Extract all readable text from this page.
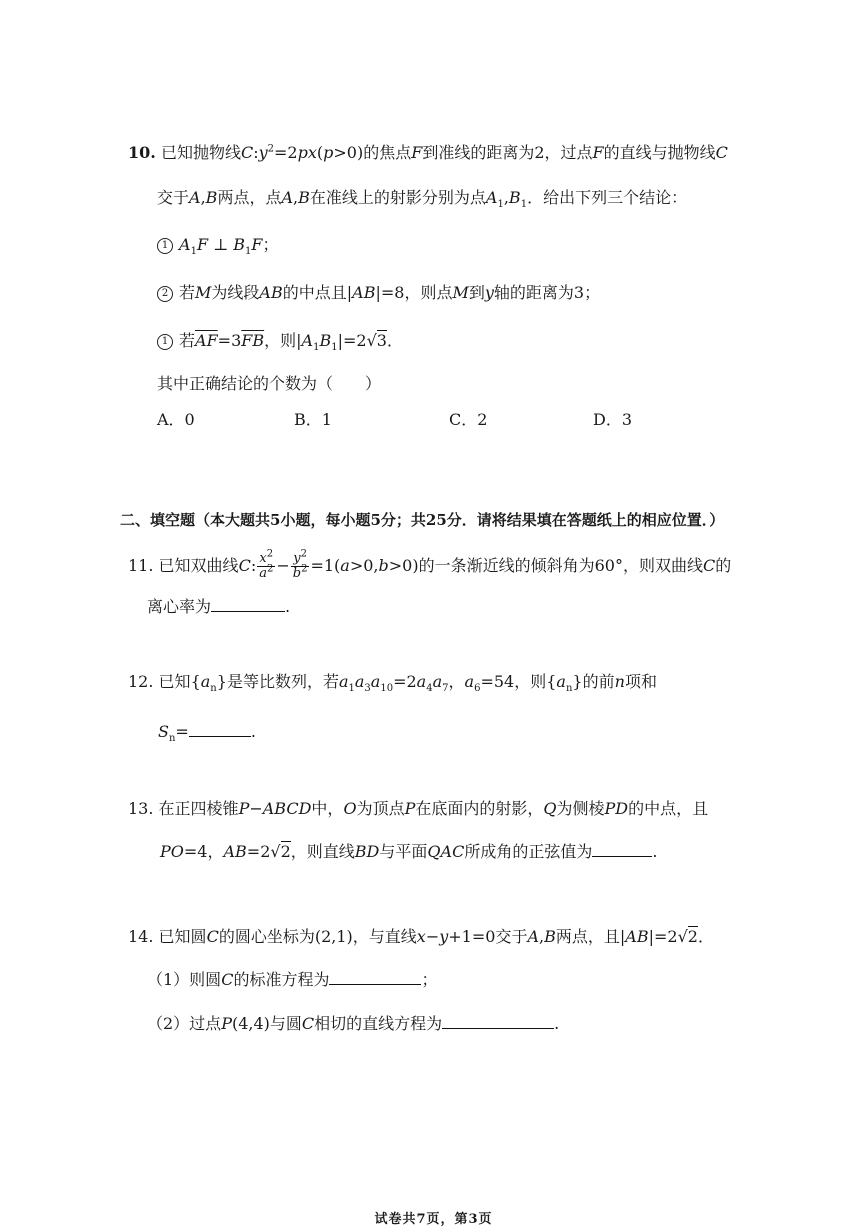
10. 已知抛物线$C:y^2=2px(p>0)$的焦点F到准线的距离为2，过点F的直线与抛物线C
交于A,B两点，点A,B在准线上的射影分别为点$A_1,B_1$．给出下列三个结论：
1 $A_1F$ ⊥ $B_1F$；
2 若M为线段AB的中点且|AB|=8，则点M到y轴的距离为3；
1 若$\overline{AF}=3\overline{FB}$，则$|A_1B_1|=2√3$．
其中正确结论的个数为（　　）
A．0	B．1	C．2	D．3
二、填空题（本大题共5小题，每小题5分；共25分．请将结果填在答题纸上的相应位置．）
11. 已知双曲线C: $\frac{x^2}{a^2} - \frac{y^2}{b^2} =1(a>0,b>0)$的一条渐近线的倾斜角为60°，则双曲线C的
离心率为	.
12. 已知$\{a_n\}$是等比数列，若$a_1a_3a_{10}=2a_4a_7$，$a_6=54$，则$\{a_n\}$的前n项和
$S_n=$	.
13. 在正四棱锥P−ABCD中，O为顶点P在底面内的射影，Q为侧棱PD的中点，且
PO=4，AB=2√2，则直线BD与平面QAC所成角的正弦值为	.
14. 已知圆C的圆心坐标为(2,1)，与直线x−y+1=0交于A,B两点，且|AB|=2√2．
（1）则圆C的标准方程为	；
（2）过点P(4,4)与圆C相切的直线方程为	.
试卷共7页，第3页
